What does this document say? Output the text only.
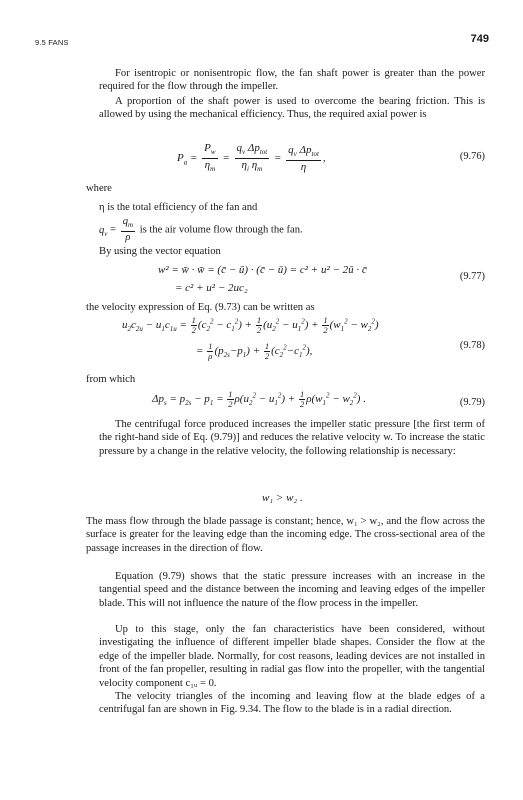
9.5 FANS	749
For isentropic or nonisentropic flow, the fan shaft power is greater than the power required for the flow through the impeller.
A proportion of the shaft power is used to overcome the bearing friction. This is allowed by using the mechanical efficiency. Thus, the required axial power is
$P_a = \frac{P_w}{\eta_m} = \frac{q_v \Delta p_{tot}}{\eta_i \eta_m} = \frac{q_v \Delta p_{tot}}{\eta}$ ,	(9.76)
where
η is the total efficiency of the fan and
$q_v = \frac{q_m}{\rho}$ is the air volume flow through the fan.
By using the vector equation
w² = w̄ · w̄ = (c̄ − ū) · (c̄ − ū) = c² + u² − 2ū · c̄
= c² + u² − 2uc₂
(9.77)
the velocity expression of Eq. (9.73) can be written as
$u_2c_{2u} - u_1c_{1u} = \frac{1}{2} (c_2^2 - c_1^2) + \frac{1}{2} (u_2^2 - u_1^2) + \frac{1}{2} (w_1^2 - w_2^2)$
= $\frac{1}{\rho} (p_{2s}-p_1) + \frac{1}{2} (c_2^2-c_1^2)$,	(9.78)
from which
$\Delta p_s = p_{2s} - p_1 = \frac{1}{2} \rho(u_2^2 - u_1^2) + \frac{1}{2} \rho(w_1^2 - w_2^2)$ .	(9.79)
The centrifugal force produced increases the impeller static pressure [the first term of the right-hand side of Eq. (9.79)] and reduces the relative velocity w. To increase the static pressure by a change in the relative velocity, the following relationship is necessary:
w₁ > w₂ .
The mass flow through the blade passage is constant; hence, w₁ > w₂, and the flow across the surface is greater for the leaving edge than the incoming edge. The cross-sectional area of the passage increases in the direction of flow.
Equation (9.79) shows that the static pressure increases with an increase in the tangential speed and the distance between the incoming and leaving edges of the impeller blade. This will not influence the nature of the flow process in the impeller.
Up to this stage, only the fan characteristics have been considered, without investigating the influence of different impeller blade shapes. Consider the flow at the edge of the impeller blade. Normally, for cost reasons, leading devices are not installed in front of the fan propeller, resulting in radial gas flow into the propeller, with the tangential velocity component c₁ᵤ = 0.
The velocity triangles of the incoming and leaving flow at the blade edges of a centrifugal fan are shown in Fig. 9.34. The flow to the blade is in a radial direction.
